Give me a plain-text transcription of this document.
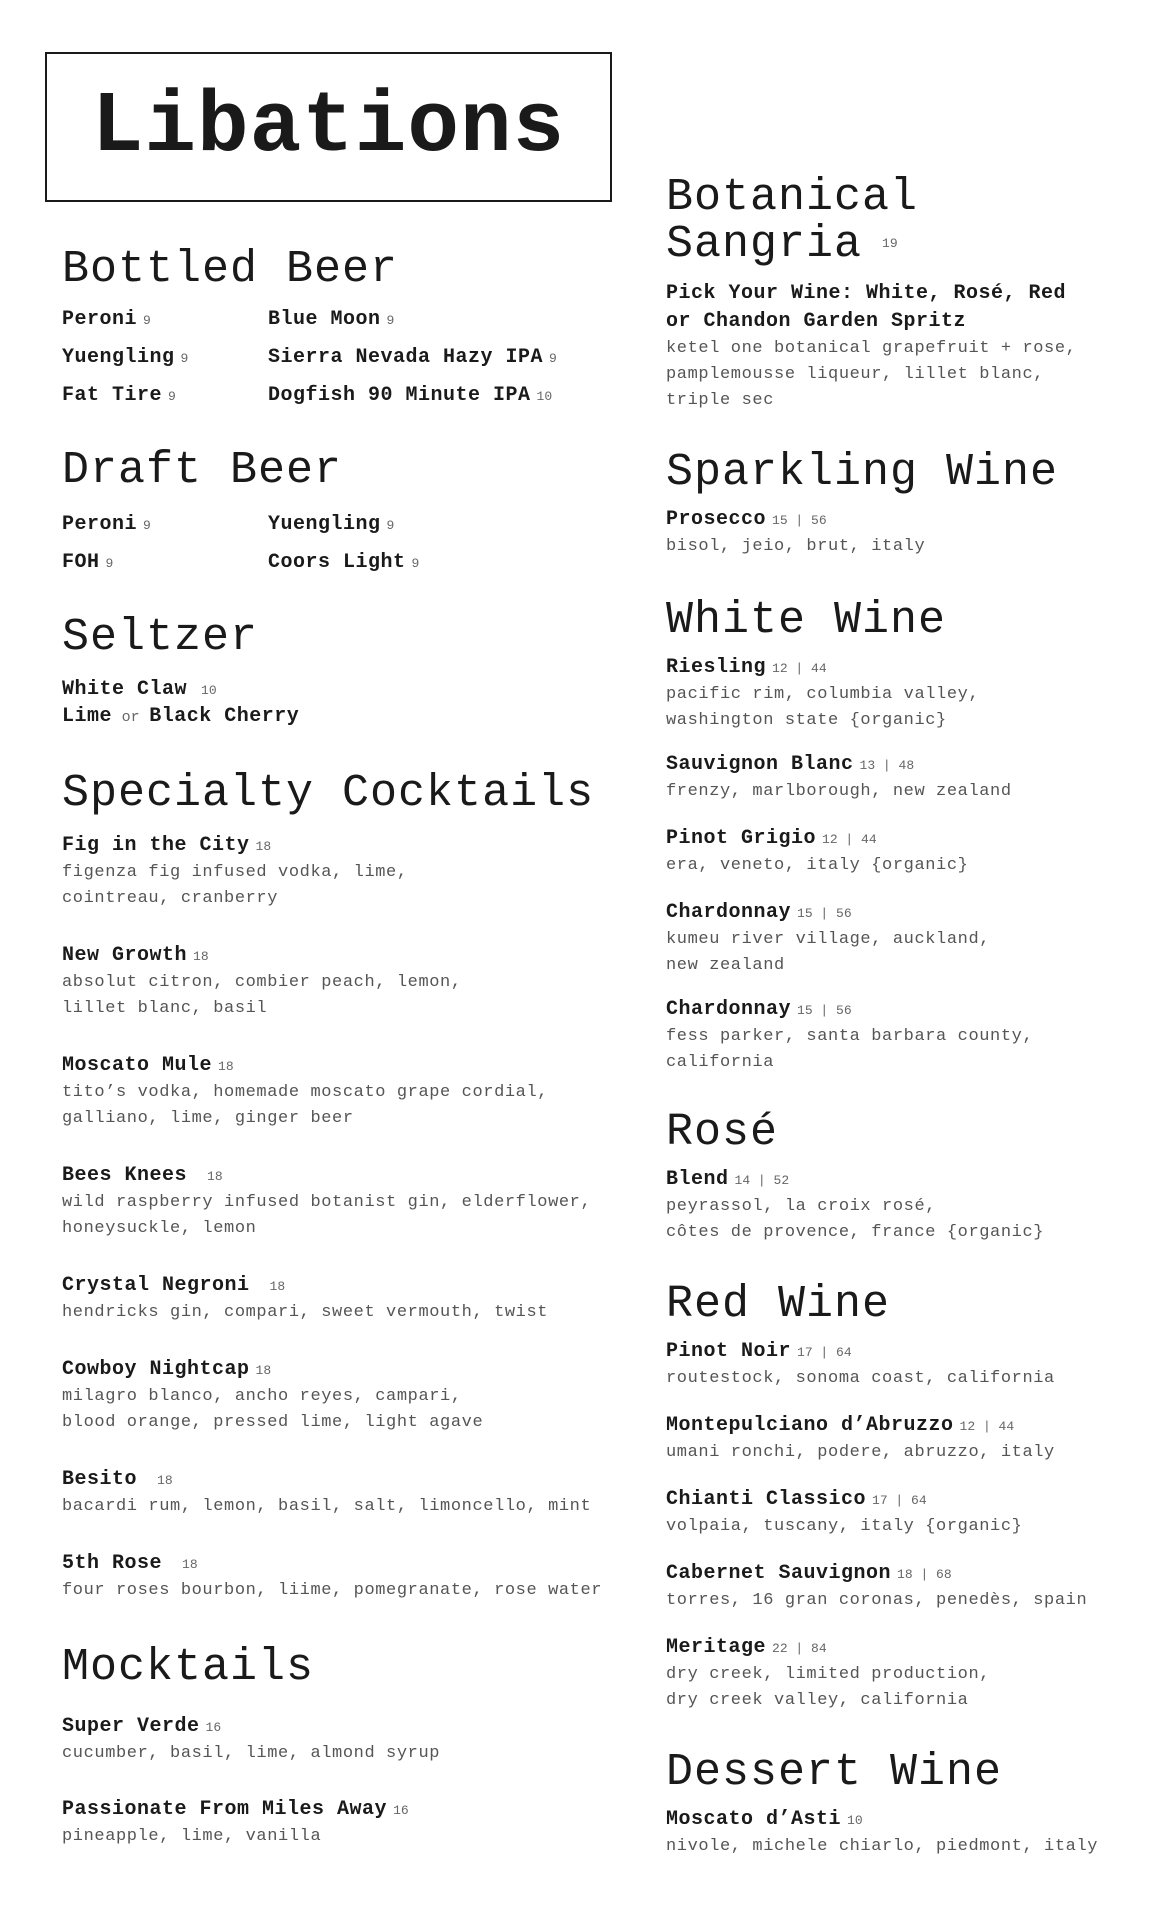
Libations
Bottled Beer
Peroni 9
Yuengling 9
Fat Tire 9
Blue Moon 9
Sierra Nevada Hazy IPA 9
Dogfish 90 Minute IPA 10
Draft Beer
Peroni 9
FOH 9
Yuengling 9
Coors Light 9
Seltzer
White Claw 10
Lime or Black Cherry
Specialty Cocktails
Fig in the City 18
figenza fig infused vodka, lime,
cointreau, cranberry
New Growth 18
absolut citron, combier peach, lemon,
lillet blanc, basil
Moscato Mule 18
tito’s vodka, homemade moscato grape cordial,
galliano, lime, ginger beer
Bees Knees 18
wild raspberry infused botanist gin, elderflower,
honeysuckle, lemon
Crystal Negroni 18
hendricks gin, compari, sweet vermouth, twist
Cowboy Nightcap 18
milagro blanco, ancho reyes, campari,
blood orange, pressed lime, light agave
Besito 18
bacardi rum, lemon, basil, salt, limoncello, mint
5th Rose 18
four roses bourbon, liime, pomegranate, rose water
Mocktails
Super Verde 16
cucumber, basil, lime, almond syrup
Passionate From Miles Away 16
pineapple, lime, vanilla
Botanical
Sangria 19
Pick Your Wine: White, Rosé, Red
or Chandon Garden Spritz
ketel one botanical grapefruit + rose,
pamplemousse liqueur, lillet blanc,
triple sec
Sparkling Wine
Prosecco 15 | 56
bisol, jeio, brut, italy
White Wine
Riesling 12 | 44
pacific rim, columbia valley,
washington state {organic}
Sauvignon Blanc 13 | 48
frenzy, marlborough, new zealand
Pinot Grigio 12 | 44
era, veneto, italy {organic}
Chardonnay 15 | 56
kumeu river village, auckland,
new zealand
Chardonnay 15 | 56
fess parker, santa barbara county,
california
Rosé
Blend 14 | 52
peyrassol, la croix rosé,
côtes de provence, france {organic}
Red Wine
Pinot Noir 17 | 64
routestock, sonoma coast, california
Montepulciano d’Abruzzo 12 | 44
umani ronchi, podere, abruzzo, italy
Chianti Classico 17 | 64
volpaia, tuscany, italy {organic}
Cabernet Sauvignon 18 | 68
torres, 16 gran coronas, penedès, spain
Meritage 22 | 84
dry creek, limited production,
dry creek valley, california
Dessert Wine
Moscato d’Asti 10
nivole, michele chiarlo, piedmont, italy
